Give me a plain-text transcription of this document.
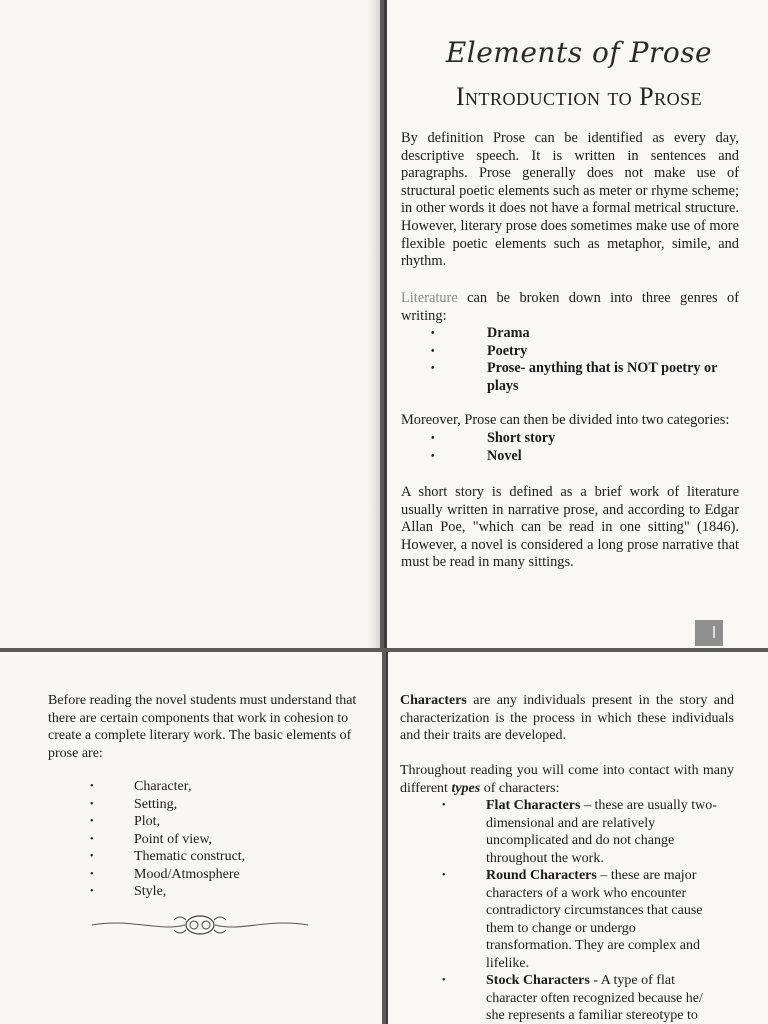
Elements of Prose
Introduction to Prose
By definition Prose can be identified as every day, descriptive speech. It is written in sentences and paragraphs. Prose generally does not make use of structural poetic elements such as meter or rhyme scheme; in other words it does not have a formal metrical structure. However, literary prose does sometimes make use of more flexible poetic elements such as metaphor, simile, and rhythm.
Literature can be broken down into three genres of writing:
•	Drama
•	Poetry
•	Prose- anything that is NOT poetry or plays
Moreover, Prose can then be divided into two categories:
•	Short story
•	Novel
A short story is defined as a brief work of literature usually written in narrative prose, and according to Edgar Allan Poe, "which can be read in one sitting" (1846). However, a novel is considered a long prose narrative that must be read in many sittings.
Before reading the novel students must understand that there are certain components that work in cohesion to create a complete literary work. The basic elements of prose are:
•	Character,
•	Setting,
•	Plot,
•	Point of view,
•	Thematic construct,
•	Mood/Atmosphere
•	Style,
Characters are any individuals present in the story and characterization is the process in which these individuals and their traits are developed.
Throughout reading you will come into contact with many different types of characters:
•	Flat Characters – these are usually two-dimensional and are relatively uncomplicated and do not change throughout the work.
•	Round Characters – these are major characters of a work who encounter contradictory circumstances that cause them to change or undergo transformation. They are complex and lifelike.
•	Stock Characters - A type of flat character often recognized because he/ she represents a familiar stereotype to
